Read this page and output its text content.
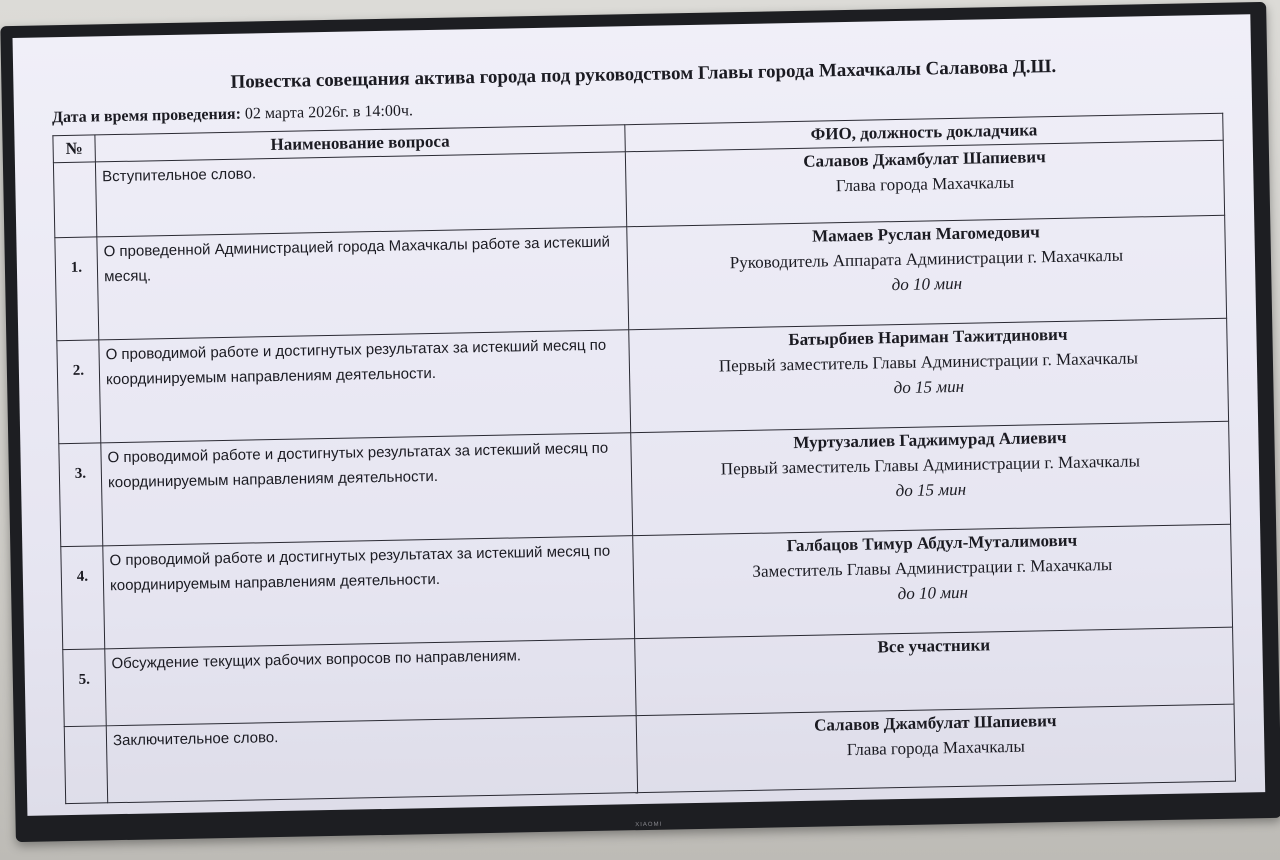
Повестка совещания актива города под руководством Главы города Махачкалы Салавова Д.Ш.
Дата и время проведения: 02 марта 2026г. в 14:00ч.
№	Наименование вопроса	ФИО, должность докладчика
	Вступительное слово.	Салавов Джамбулат Шапиевич
Глава города Махачкалы

1.	О проведенной Администрацией города Махачкалы работе за истекший месяц.	Мамаев Руслан Магомедович
Руководитель Аппарата Администрации г. Махачкалы
до 10 мин

2.	О проводимой работе и достигнутых результатах за истекший месяц по координируемым направлениям деятельности.	Батырбиев Нариман Тажитдинович
Первый заместитель Главы Администрации г. Махачкалы
до 15 мин

3.	О проводимой работе и достигнутых результатах за истекший месяц по координируемым направлениям деятельности.	Муртузалиев Гаджимурад Алиевич
Первый заместитель Главы Администрации г. Махачкалы
до 15 мин

4.	О проводимой работе и достигнутых результатах за истекший месяц по координируемым направлениям деятельности.	Галбацов Тимур Абдул-Муталимович
Заместитель Главы Администрации г. Махачкалы
до 10 мин

5.	Обсуждение текущих рабочих вопросов по направлениям.	Все участники

	Заключительное слово.	Салавов Джамбулат Шапиевич
Глава города Махачкалы
XIAOMI
